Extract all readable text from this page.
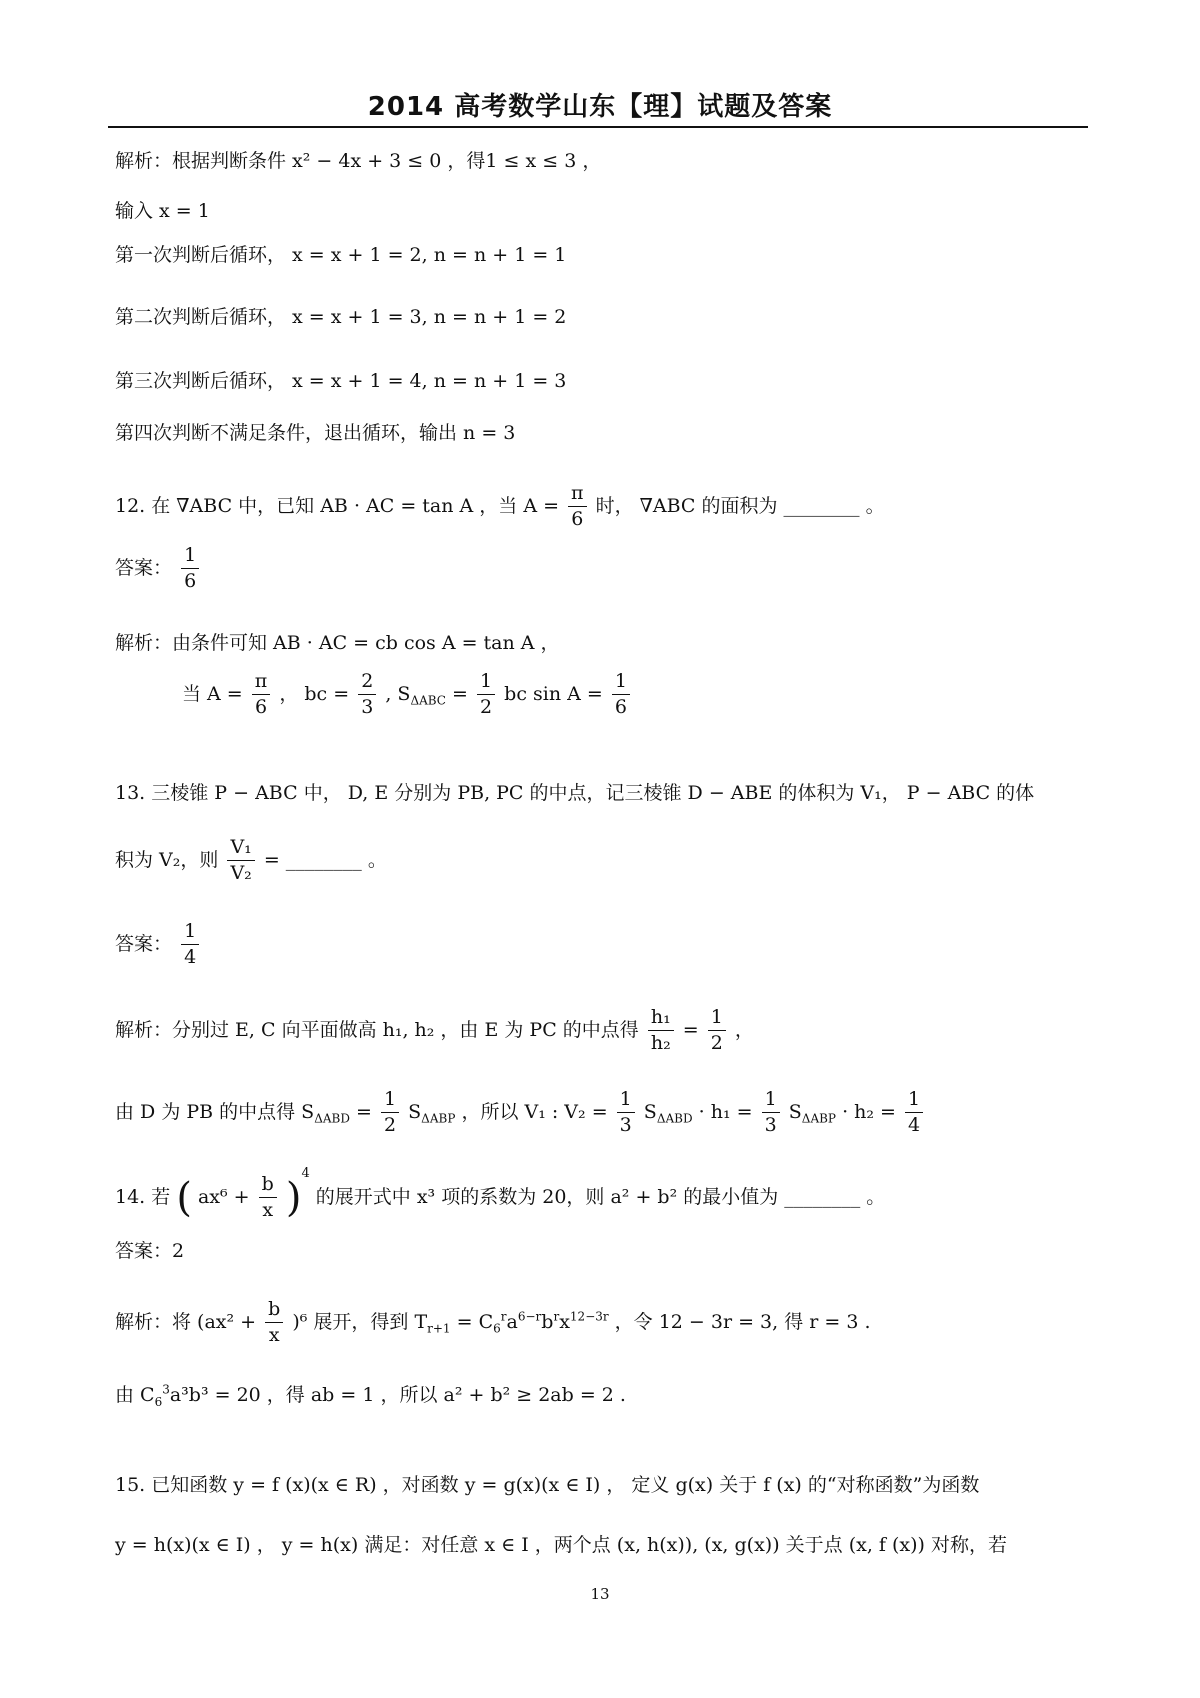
2014 高考数学山东【理】试题及答案
解析：根据判断条件 x² − 4x + 3 ≤ 0 ，得1 ≤ x ≤ 3 ，
输入 x = 1
第一次判断后循环， x = x + 1 = 2, n = n + 1 = 1
第二次判断后循环， x = x + 1 = 3, n = n + 1 = 2
第三次判断后循环， x = x + 1 = 4, n = n + 1 = 3
第四次判断不满足条件，退出循环，输出 n = 3
12. 在 ∇ABC 中，已知 AB · AC = tan A ，当 $A = \frac{\pi}{6}$ 时， ∇ABC 的面积为 ________ 。
答案： $\frac{1}{6}$
解析：由条件可知 AB · AC = cb cos A = tan A ，
当 $A = \frac{\pi}{6}$ ， bc = $\frac{2}{3}$ , $S_{\Delta ABC} = \frac{1}{2}$ bc $\sin A = \frac{1}{6}$
13. 三棱锥 P − ABC 中， D, E 分别为 PB, PC 的中点，记三棱锥 D − ABE 的体积为 V₁， P − ABC 的体
积为 V₂，则 $\frac{\text{V₁}}{\text{V₂}}$ = ________ 。
答案： $\frac{1}{4}$
解析：分别过 E, C 向平面做高 h₁, h₂ ，由 E 为 PC 的中点得 $\frac{\text{h₁}}{\text{h₂}} = \frac{1}{2}$ ，
由 D 为 PB 的中点得 $S_{\Delta ABD} = \frac{1}{2} S_{\Delta ABP}$ ，所以 V₁ : $V_2 = \frac{1}{3} S_{\Delta ABD} \cdot h_1 = \frac{1}{3} S_{\Delta ABP} \cdot h_2 = \frac{1}{4}$
14. 若 ( $ax^6 + \frac{b}{x} )^4$ 的展开式中 x³ 项的系数为 20，则 a² + b² 的最小值为 ________ 。
答案：2
解析：将 $(ax^2 + \frac{b}{x} )^6$ 展开，得到 $T_{r+1} = C_6^ra^{6-r}b^rx^{12-3r}$ ，令 12 − 3r = 3, 得 r = 3 .
由 $C_6^3a^3b^3 = 20$ ，得 ab = 1 ，所以 a² + b² ≥ 2ab = 2 .
15. 已知函数 y = f (x)(x ∈ R) ，对函数 y = g(x)(x ∈ I) ， 定义 g(x) 关于 f (x) 的“对称函数”为函数
y = h(x)(x ∈ I) ， y = h(x) 满足：对任意 x ∈ I ，两个点 (x, h(x)), (x, g(x)) 关于点 (x, f (x)) 对称，若
13
